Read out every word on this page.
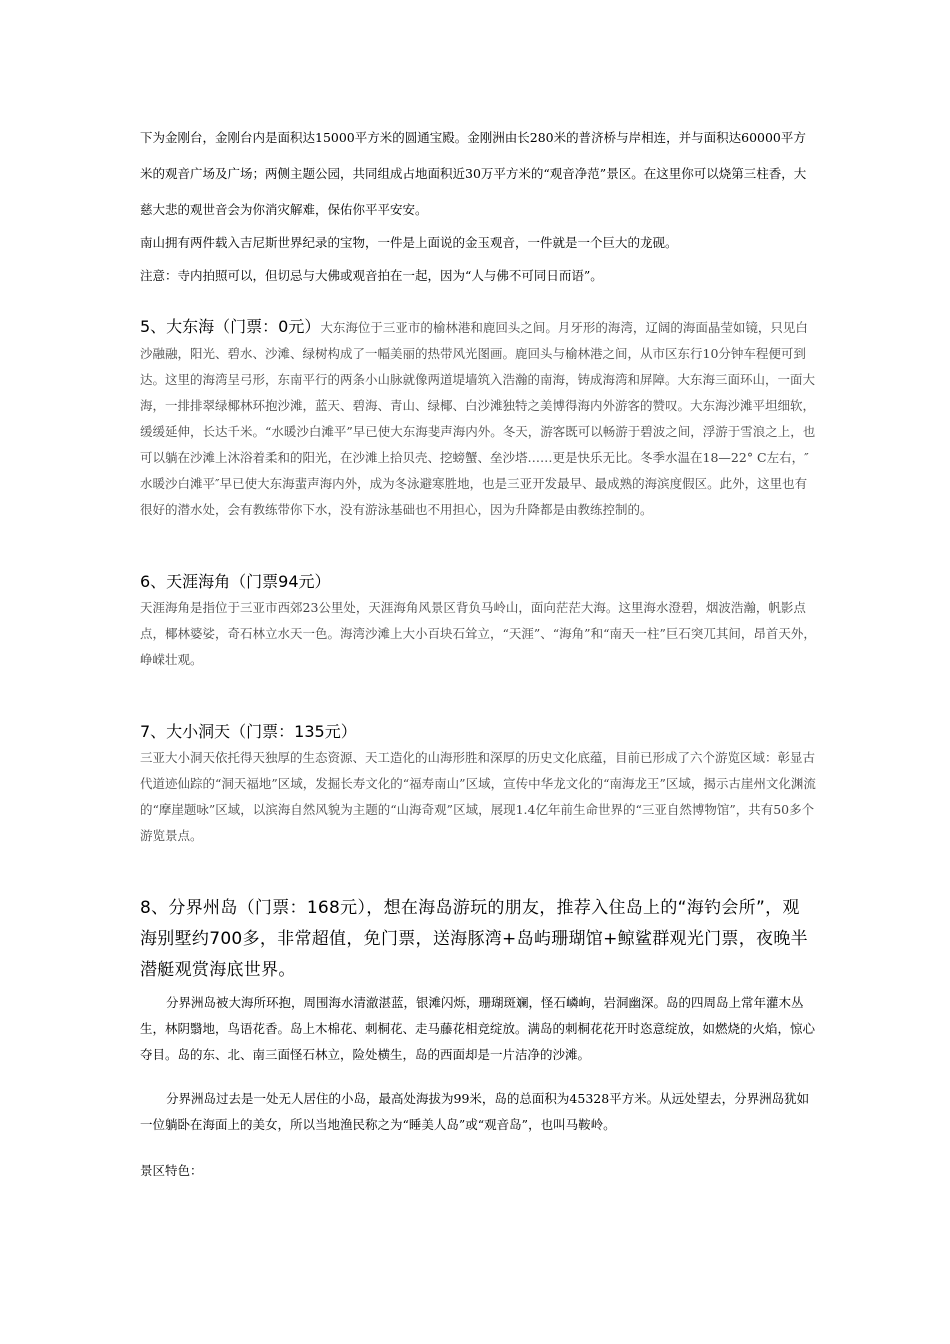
下为金刚台，金刚台内是面积达15000平方米的圆通宝殿。金刚洲由长280米的普济桥与岸相连，并与面积达60000平方米的观音广场及广场；两侧主题公园，共同组成占地面积近30万平方米的“观音净范”景区。在这里你可以烧第三柱香，大慈大悲的观世音会为你消灾解难，保佑你平平安安。

南山拥有两件载入吉尼斯世界纪录的宝物，一件是上面说的金玉观音，一件就是一个巨大的龙砚。

注意：寺内拍照可以，但切忌与大佛或观音拍在一起，因为“人与佛不可同日而语”。

5、大东海（门票：0元）大东海位于三亚市的榆林港和鹿回头之间。月牙形的海湾，辽阔的海面晶莹如镜，只见白沙融融，阳光、碧水、沙滩、绿树构成了一幅美丽的热带风光图画。鹿回头与榆林港之间，从市区东行10分钟车程便可到达。这里的海湾呈弓形，东南平行的两条小山脉就像两道堤墙筑入浩瀚的南海，铸成海湾和屏障。大东海三面环山，一面大海，一排排翠绿椰林环抱沙滩，蓝天、碧海、青山、绿椰、白沙滩独特之美博得海内外游客的赞叹。大东海沙滩平坦细软，缓缓延伸，长达千米。“水暖沙白滩平”早已使大东海斐声海内外。冬天，游客既可以畅游于碧波之间，浮游于雪浪之上，也可以躺在沙滩上沐浴着柔和的阳光，在沙滩上拾贝壳、挖螃蟹、垒沙塔……更是快乐无比。冬季水温在18—22° C左右，″水暖沙白滩平″早已使大东海蜚声海内外，成为冬泳避寒胜地，也是三亚开发最早、最成熟的海滨度假区。此外，这里也有很好的潜水处，会有教练带你下水，没有游泳基础也不用担心，因为升降都是由教练控制的。

6、天涯海角（门票94元）

天涯海角是指位于三亚市西郊23公里处，天涯海角风景区背负马岭山，面向茫茫大海。这里海水澄碧，烟波浩瀚，帆影点点，椰林婆娑，奇石林立水天一色。海湾沙滩上大小百块石耸立，“天涯”、“海角”和“南天一柱”巨石突兀其间，昂首天外，峥嵘壮观。

7、大小洞天（门票：135元）

三亚大小洞天依托得天独厚的生态资源、天工造化的山海形胜和深厚的历史文化底蕴，目前已形成了六个游览区域：彰显古代道迹仙踪的“洞天福地”区域，发掘长寿文化的“福寿南山”区域，宣传中华龙文化的“南海龙王”区域，揭示古崖州文化渊流的“摩崖题咏”区域，以滨海自然风貌为主题的“山海奇观”区域，展现1.4亿年前生命世界的“三亚自然博物馆”，共有50多个游览景点。

8、分界州岛（门票：168元），想在海岛游玩的朋友，推荐入住岛上的“海钓会所”，观海别墅约700多，非常超值，免门票，送海豚湾+岛屿珊瑚馆+鲸鲨群观光门票，夜晚半潜艇观赏海底世界。

分界洲岛被大海所环抱，周围海水清澈湛蓝，银滩闪烁，珊瑚斑斓，怪石嶙峋，岩洞幽深。岛的四周岛上常年灌木丛生，林阴翳地，鸟语花香。岛上木棉花、刺桐花、走马藤花相竞绽放。满岛的刺桐花花开时恣意绽放，如燃烧的火焰，惊心夺目。岛的东、北、南三面怪石林立，险处横生，岛的西面却是一片洁净的沙滩。

分界洲岛过去是一处无人居住的小岛，最高处海拔为99米，岛的总面积为45328平方米。从远处望去，分界洲岛犹如一位躺卧在海面上的美女，所以当地渔民称之为“睡美人岛”或“观音岛”，也叫马鞍岭。

景区特色：
